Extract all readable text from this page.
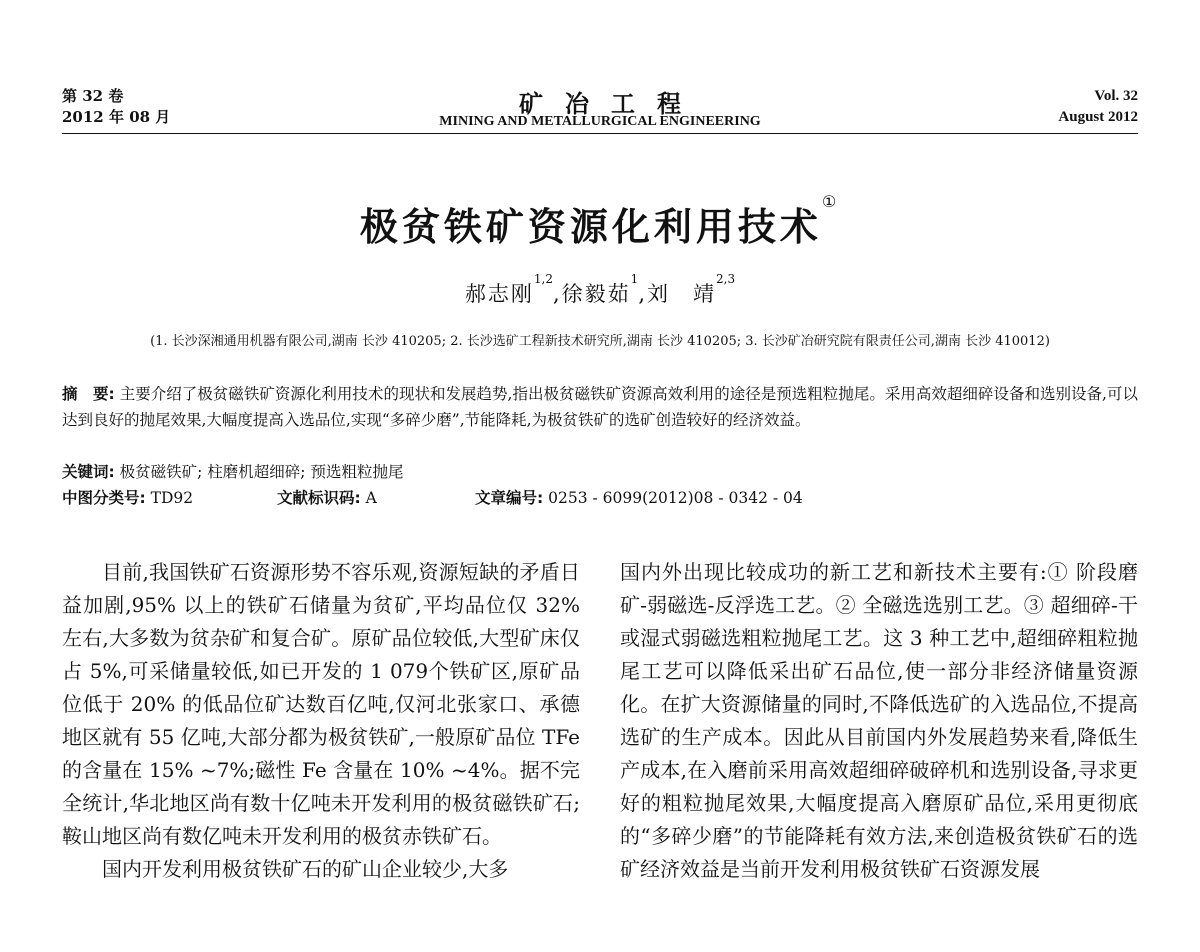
第 32 卷
2012 年 08 月	矿冶工程
MINING AND METALLURGICAL ENGINEERING
Vol. 32
August 2012
极贫铁矿资源化利用技术①
郝志刚$^{1,2}$,徐毅茹$^1$,刘　靖$^{2,3}$
(1. 长沙深湘通用机器有限公司,湖南 长沙 410205; 2. 长沙选矿工程新技术研究所,湖南 长沙 410205; 3. 长沙矿冶研究院有限责任公司,湖南 长沙 410012)
摘　要: 主要介绍了极贫磁铁矿资源化利用技术的现状和发展趋势,指出极贫磁铁矿资源高效利用的途径是预选粗粒抛尾。采用高效超细碎设备和选别设备,可以达到良好的抛尾效果,大幅度提高入选品位,实现“多碎少磨”,节能降耗,为极贫铁矿的选矿创造较好的经济效益。
关键词: 极贫磁铁矿; 柱磨机超细碎; 预选粗粒抛尾
中图分类号: TD92	文献标识码: A	文章编号: 0253 - 6099(2012)08 - 0342 - 04

目前,我国铁矿石资源形势不容乐观,资源短缺的矛盾日益加剧,95% 以上的铁矿石储量为贫矿,平均品位仅 32% 左右,大多数为贫杂矿和复合矿。原矿品位较低,大型矿床仅占 5%,可采储量较低,如已开发的 1 079个铁矿区,原矿品位低于 20% 的低品位矿达数百亿吨,仅河北张家口、承德地区就有 55 亿吨,大部分都为极贫铁矿,一般原矿品位 TFe 的含量在 15% ~7%;磁性 Fe 含量在 10% ~4%。据不完全统计,华北地区尚有数十亿吨未开发利用的极贫磁铁矿石;鞍山地区尚有数亿吨未开发利用的极贫赤铁矿石。

国内开发利用极贫铁矿石的矿山企业较少,大多

国内外出现比较成功的新工艺和新技术主要有:① 阶段磨矿-弱磁选-反浮选工艺。② 全磁选选别工艺。③ 超细碎-干或湿式弱磁选粗粒抛尾工艺。这 3 种工艺中,超细碎粗粒抛尾工艺可以降低采出矿石品位,使一部分非经济储量资源化。在扩大资源储量的同时,不降低选矿的入选品位,不提高选矿的生产成本。因此从目前国内外发展趋势来看,降低生产成本,在入磨前采用高效超细碎破碎机和选别设备,寻求更好的粗粒抛尾效果,大幅度提高入磨原矿品位,采用更彻底的“多碎少磨”的节能降耗有效方法,来创造极贫铁矿石的选矿经济效益是当前开发利用极贫铁矿石资源发展
